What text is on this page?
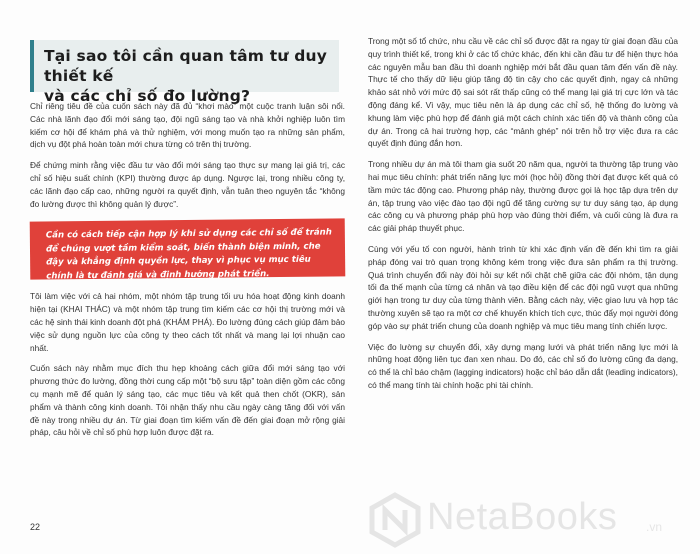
Tại sao tôi cần quan tâm tư duy thiết kế
và các chỉ số đo lường?

Chỉ riêng tiêu đề của cuốn sách này đã đủ “khơi mào” một cuộc tranh luận sôi nổi. Các nhà lãnh đạo đổi mới sáng tạo, đội ngũ sáng tạo và nhà khởi nghiệp luôn tìm kiếm cơ hội để khám phá và thử nghiệm, với mong muốn tạo ra những sản phẩm, dịch vụ đột phá hoàn toàn mới chưa từng có trên thị trường.

Để chứng minh rằng việc đầu tư vào đổi mới sáng tạo thực sự mang lại giá trị, các chỉ số hiệu suất chính (KPI) thường được áp dụng. Ngược lại, trong nhiều công ty, các lãnh đạo cấp cao, những người ra quyết định, vẫn tuân theo nguyên tắc “không đo lường được thì không quản lý được”.

Cần có cách tiếp cận hợp lý khi sử dụng các chỉ số để tránh để chúng vượt tầm kiểm soát, biến thành biện minh, che đậy và khẳng định quyền lực, thay vì phục vụ mục tiêu chính là tự đánh giá và định hướng phát triển.

Tôi làm việc với cả hai nhóm, một nhóm tập trung tối ưu hóa hoạt động kinh doanh hiện tại (KHAI THÁC) và một nhóm tập trung tìm kiếm các cơ hội thị trường mới và các hệ sinh thái kinh doanh đột phá (KHÁM PHÁ). Đo lường đúng cách giúp đảm bảo việc sử dụng nguồn lực của công ty theo cách tốt nhất và mang lại lợi nhuận cao nhất.

Cuốn sách này nhằm mục đích thu hẹp khoảng cách giữa đổi mới sáng tạo với phương thức đo lường, đồng thời cung cấp một “bộ sưu tập” toàn diện gồm các công cụ mạnh mẽ để quản lý sáng tạo, các mục tiêu và kết quả then chốt (OKR), sản phẩm và thành công kinh doanh. Tôi nhận thấy nhu cầu ngày càng tăng đối với vấn đề này trong nhiều dự án. Từ giai đoạn tìm kiếm vấn đề đến giai đoạn mở rộng giải pháp, câu hỏi về chỉ số phù hợp luôn được đặt ra.

Trong một số tổ chức, nhu cầu về các chỉ số được đặt ra ngay từ giai đoạn đầu của quy trình thiết kế, trong khi ở các tổ chức khác, đến khi cần đầu tư để hiện thực hóa các nguyên mẫu ban đầu thì doanh nghiệp mới bắt đầu quan tâm đến vấn đề này. Thực tế cho thấy dữ liệu giúp tăng độ tin cậy cho các quyết định, ngay cả những khảo sát nhỏ với mức độ sai sót rất thấp cũng có thể mang lại giá trị cực lớn và tác động đáng kể. Vì vậy, mục tiêu nên là áp dụng các chỉ số, hệ thống đo lường và khung làm việc phù hợp để đánh giá một cách chính xác tiến độ và thành công của dự án. Trong cả hai trường hợp, các “mảnh ghép” nói trên hỗ trợ việc đưa ra các quyết định đúng đắn hơn.

Trong nhiều dự án mà tôi tham gia suốt 20 năm qua, người ta thường tập trung vào hai mục tiêu chính: phát triển năng lực mới (học hỏi) đồng thời đạt được kết quả có tầm mức tác động cao. Phương pháp này, thường được gọi là học tập dựa trên dự án, tập trung vào việc đào tạo đội ngũ để tăng cường sự tư duy sáng tạo, áp dụng các công cụ và phương pháp phù hợp vào đúng thời điểm, và cuối cùng là đưa ra các giải pháp thuyết phục.

Cùng với yếu tố con người, hành trình từ khi xác định vấn đề đến khi tìm ra giải pháp đóng vai trò quan trọng không kém trong việc đưa sản phẩm ra thị trường. Quá trình chuyển đổi này đòi hỏi sự kết nối chặt chẽ giữa các đội nhóm, tận dụng tối đa thế mạnh của từng cá nhân và tạo điều kiện để các đội ngũ vượt qua những giới hạn trong tư duy của từng thành viên. Bằng cách này, việc giao lưu và hợp tác thường xuyên sẽ tạo ra một cơ chế khuyến khích tích cực, thúc đẩy mọi người đóng góp vào sự phát triển chung của doanh nghiệp và mục tiêu mang tính chiến lược.

Việc đo lường sự chuyển đổi, xây dựng mạng lưới và phát triển năng lực mới là những hoạt động liên tục đan xen nhau. Do đó, các chỉ số đo lường cũng đa dạng, có thể là chỉ báo chậm (lagging indicators) hoặc chỉ báo dẫn dắt (leading indicators), có thể mang tính tài chính hoặc phi tài chính.

22	NetaBooks .vn
